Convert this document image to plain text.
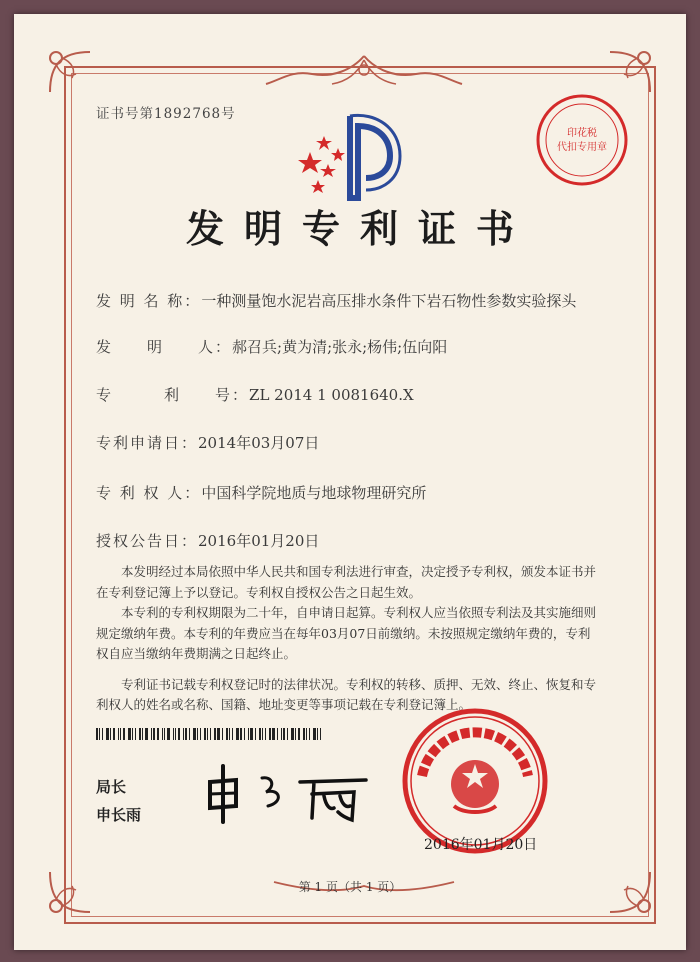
证书号第1892768号
印花税
代扣专用章
发明专利证书
发 明 名 称：一种测量饱水泥岩高压排水条件下岩石物性参数实验探头
发　　明　　人：郝召兵;黄为清;张永;杨伟;伍向阳
专　　　利　　号：ZL 2014 1 0081640.X
专利申请日：2014年03月07日
专 利 权 人：中国科学院地质与地球物理研究所
授权公告日：2016年01月20日

　　本发明经过本局依照中华人民共和国专利法进行审查，决定授予专利权，颁发本证书并在专利登记簿上予以登记。专利权自授权公告之日起生效。

　　本专利的专利权期限为二十年，自申请日起算。专利权人应当依照专利法及其实施细则规定缴纳年费。本专利的年费应当在每年03月07日前缴纳。未按照规定缴纳年费的，专利权自应当缴纳年费期满之日起终止。

　　专利证书记载专利权登记时的法律状况。专利权的转移、质押、无效、终止、恢复和专利权人的姓名或名称、国籍、地址变更等事项记载在专利登记簿上。

局长
申长雨
2016年01月20日
第 1 页（共 1 页）
